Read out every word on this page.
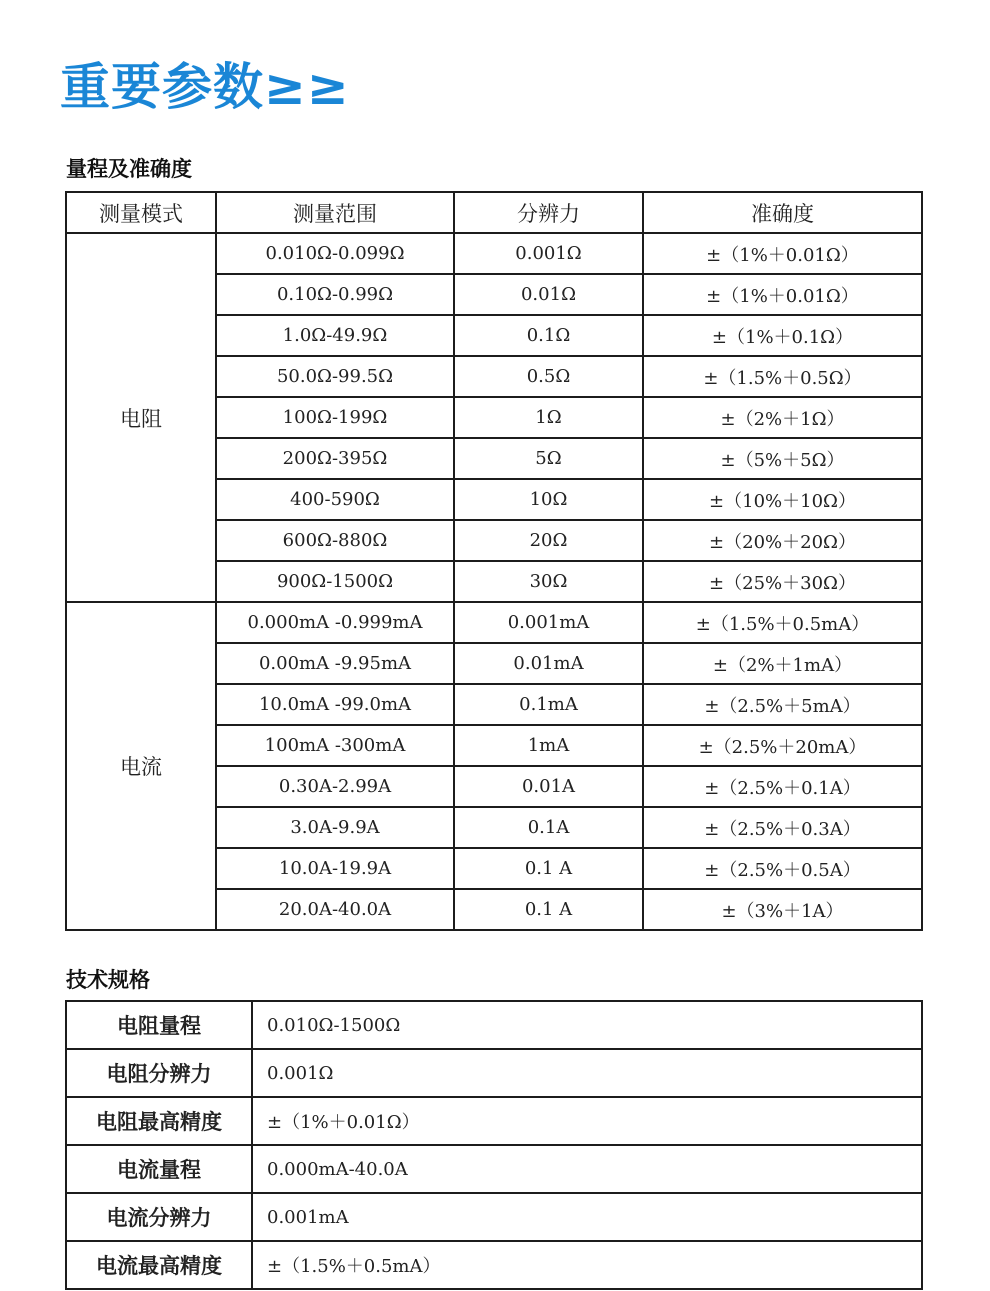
重要参数≥≥
量程及准确度
测量模式	测量范围	分辨力	准确度
电阻	0.010Ω-0.099Ω	0.001Ω	±（1%＋0.01Ω）
	0.10Ω-0.99Ω	0.01Ω	±（1%＋0.01Ω）
	1.0Ω-49.9Ω	0.1Ω	±（1%＋0.1Ω）
	50.0Ω-99.5Ω	0.5Ω	±（1.5%＋0.5Ω）
	100Ω-199Ω	1Ω	±（2%＋1Ω）
	200Ω-395Ω	5Ω	±（5%＋5Ω）
	400-590Ω	10Ω	±（10%＋10Ω）
	600Ω-880Ω	20Ω	±（20%＋20Ω）
	900Ω-1500Ω	30Ω	±（25%＋30Ω）
电流	0.000mA -0.999mA	0.001mA	±（1.5%＋0.5mA）
	0.00mA -9.95mA	0.01mA	±（2%＋1mA）
	10.0mA -99.0mA	0.1mA	±（2.5%＋5mA）
	100mA -300mA	1mA	±（2.5%＋20mA）
	0.30A-2.99A	0.01A	±（2.5%＋0.1A）
	3.0A-9.9A	0.1A	±（2.5%＋0.3A）
	10.0A-19.9A	0.1 A	±（2.5%＋0.5A）
	20.0A-40.0A	0.1 A	±（3%＋1A）
技术规格
电阻量程	0.010Ω-1500Ω
电阻分辨力	0.001Ω
电阻最高精度	±（1%＋0.01Ω）
电流量程	0.000mA-40.0A
电流分辨力	0.001mA
电流最高精度	±（1.5%＋0.5mA）
